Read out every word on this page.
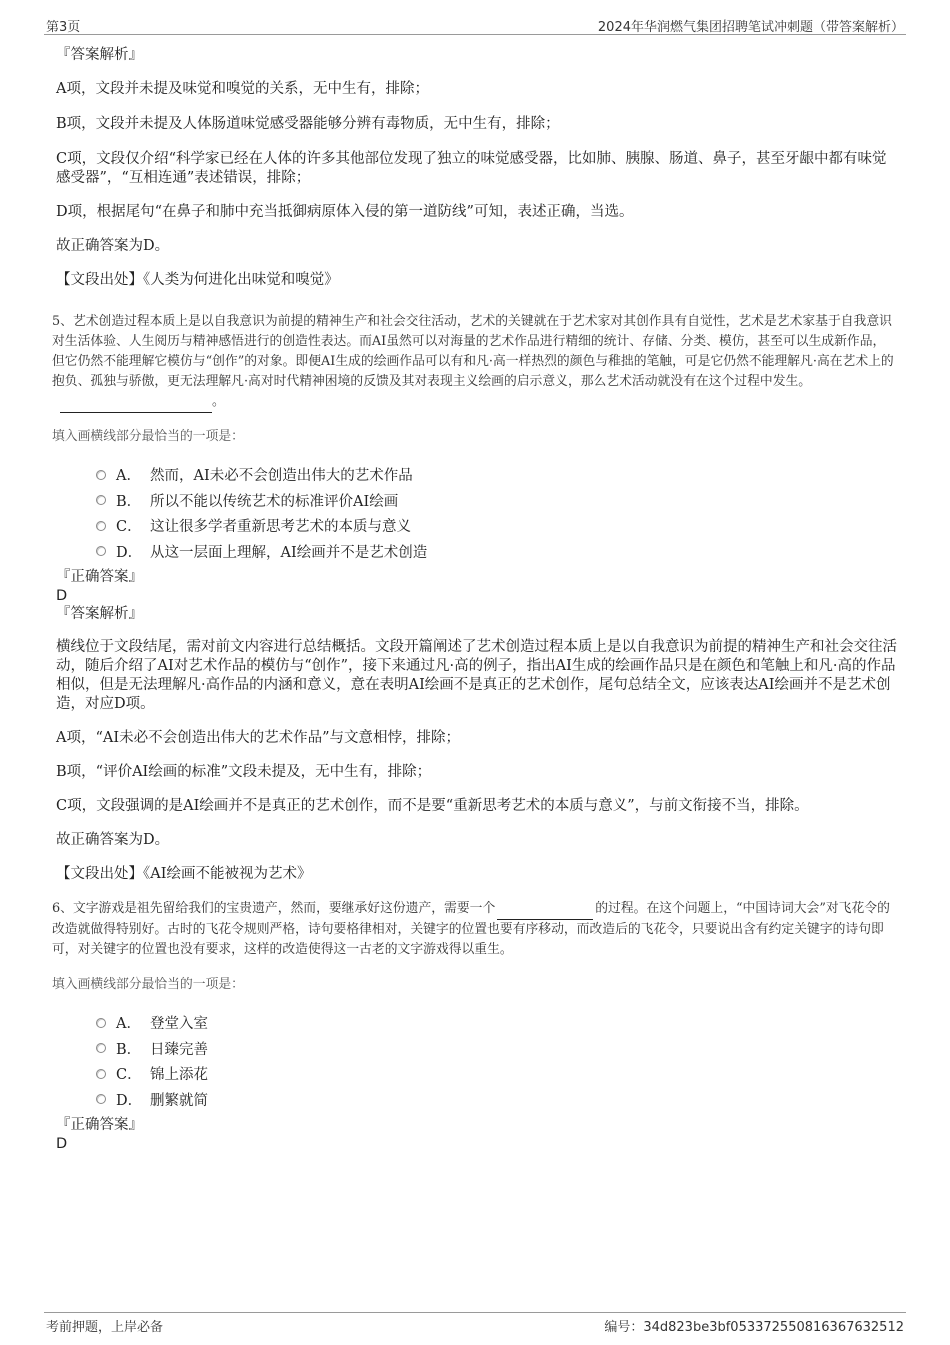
第3页	2024年华润燃气集团招聘笔试冲刺题（带答案解析）

『答案解析』

A项，文段并未提及味觉和嗅觉的关系，无中生有，排除；

B项，文段并未提及人体肠道味觉感受器能够分辨有毒物质，无中生有，排除；

C项，文段仅介绍“科学家已经在人体的许多其他部位发现了独立的味觉感受器，比如肺、胰腺、肠道、鼻子，甚至牙龈中都有味觉感受器”，“互相连通”表述错误，排除；

D项，根据尾句“在鼻子和肺中充当抵御病原体入侵的第一道防线”可知，表述正确，当选。

故正确答案为D。

【文段出处】《人类为何进化出味觉和嗅觉》

5、艺术创造过程本质上是以自我意识为前提的精神生产和社会交往活动，艺术的关键就在于艺术家对其创作具有自觉性，艺术是艺术家基于自我意识对生活体验、人生阅历与精神感悟进行的创造性表达。而AI虽然可以对海量的艺术作品进行精细的统计、存储、分类、模仿，甚至可以生成新作品，但它仍然不能理解它模仿与“创作”的对象。即便AI生成的绘画作品可以有和凡·高一样热烈的颜色与稚拙的笔触，可是它仍然不能理解凡·高在艺术上的抱负、孤独与骄傲，更无法理解凡·高对时代精神困境的反馈及其对表现主义绘画的启示意义，那么艺术活动就没有在这个过程中发生。 。

填入画横线部分最恰当的一项是：

A． 然而，AI未必不会创造出伟大的艺术作品
B． 所以不能以传统艺术的标准评价AI绘画
C． 这让很多学者重新思考艺术的本质与意义
D． 从这一层面上理解，AI绘画并不是艺术创造

『正确答案』

D

『答案解析』

横线位于文段结尾，需对前文内容进行总结概括。文段开篇阐述了艺术创造过程本质上是以自我意识为前提的精神生产和社会交往活动，随后介绍了AI对艺术作品的模仿与“创作”，接下来通过凡·高的例子，指出AI生成的绘画作品只是在颜色和笔触上和凡·高的作品相似，但是无法理解凡·高作品的内涵和意义，意在表明AI绘画不是真正的艺术创作，尾句总结全文，应该表达AI绘画并不是艺术创造，对应D项。

A项，“AI未必不会创造出伟大的艺术作品”与文意相悖，排除；

B项，“评价AI绘画的标准”文段未提及，无中生有，排除；

C项，文段强调的是AI绘画并不是真正的艺术创作，而不是要“重新思考艺术的本质与意义”，与前文衔接不当，排除。

故正确答案为D。

【文段出处】《AI绘画不能被视为艺术》

6、文字游戏是祖先留给我们的宝贵遗产，然而，要继承好这份遗产，需要一个	的过程。在这个问题上，“中国诗词大会”对飞花令的改造就做得特别好。古时的飞花令规则严格，诗句要格律相对，关键字的位置也要有序移动，而改造后的飞花令，只要说出含有约定关键字的诗句即可，对关键字的位置也没有要求，这样的改造使得这一古老的文字游戏得以重生。

填入画横线部分最恰当的一项是：

A． 登堂入室
B． 日臻完善
C． 锦上添花
D． 删繁就简

『正确答案』

D

考前押题，上岸必备	编号：34d823be3bf0533725508163676325​12
